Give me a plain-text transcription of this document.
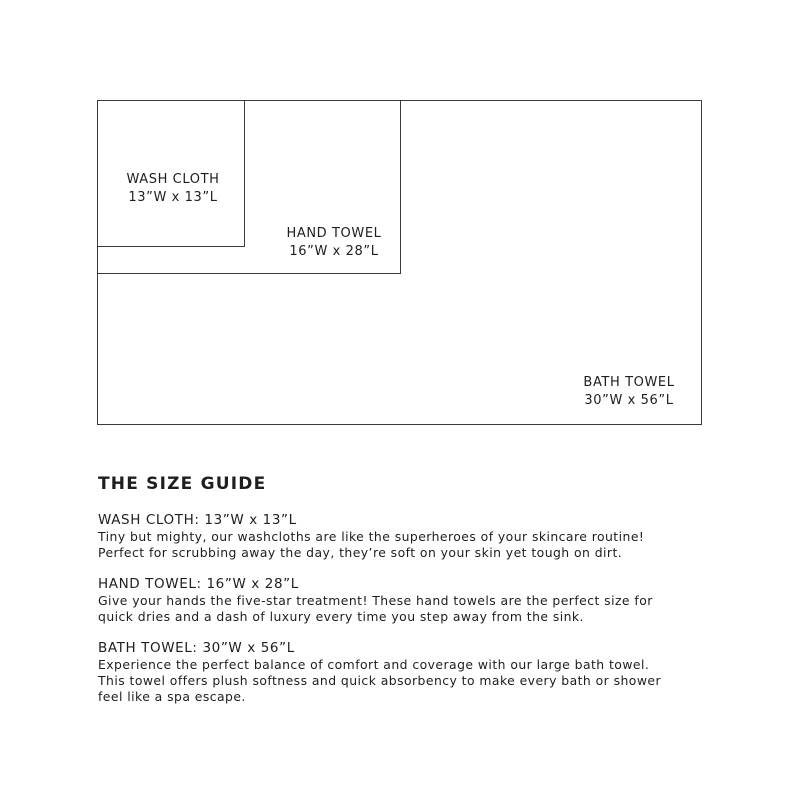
WASH CLOTH
13”W x 13”L
HAND TOWEL
16”W x 28”L
BATH TOWEL
30”W x 56”L
THE SIZE GUIDE

WASH CLOTH: 13”W x 13”L

Tiny but mighty, our washcloths are like the superheroes of your skincare routine!
Perfect for scrubbing away the day, they’re soft on your skin yet tough on dirt.

HAND TOWEL: 16”W x 28”L

Give your hands the five-star treatment! These hand towels are the perfect size for
quick dries and a dash of luxury every time you step away from the sink.

BATH TOWEL: 30”W x 56”L

Experience the perfect balance of comfort and coverage with our large bath towel.
This towel offers plush softness and quick absorbency to make every bath or shower
feel like a spa escape.
